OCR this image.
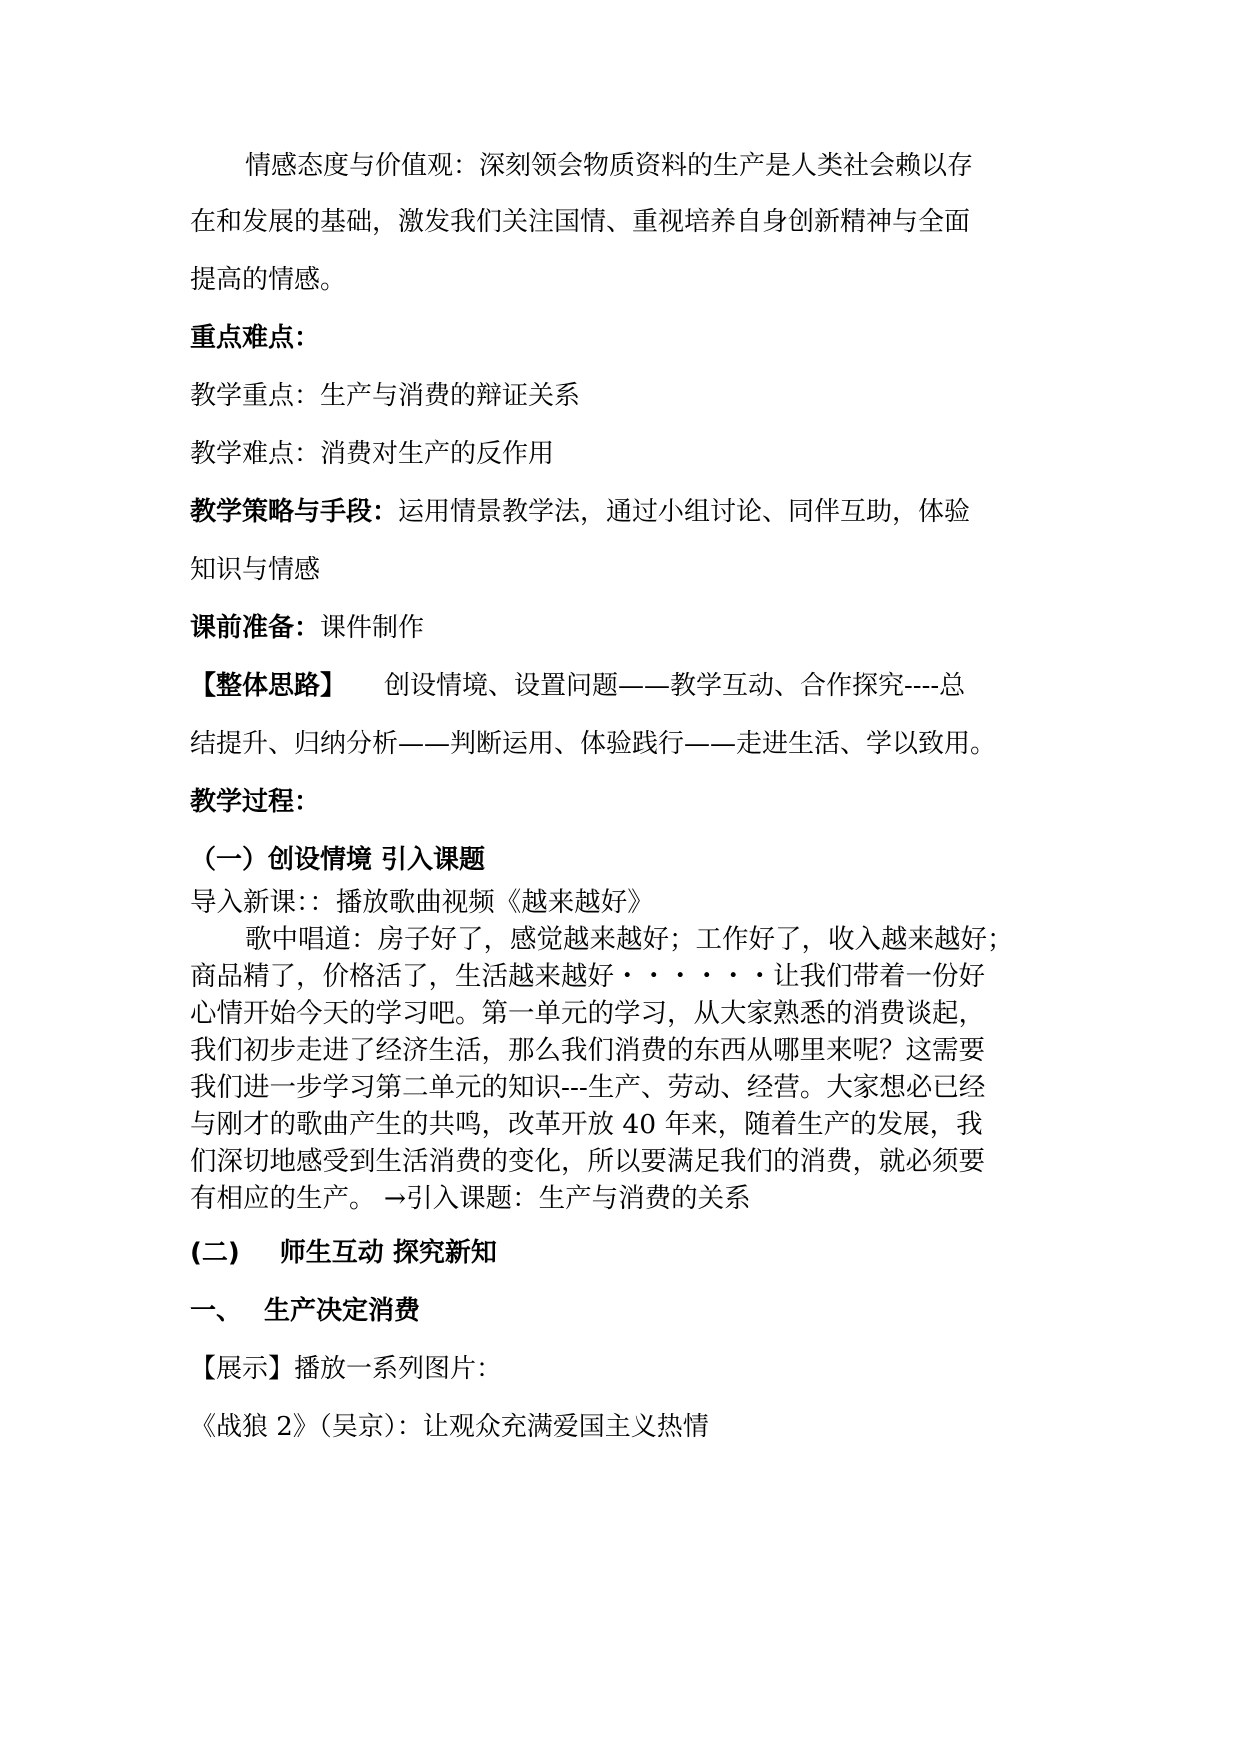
情感态度与价值观：深刻领会物质资料的生产是人类社会赖以存
在和发展的基础，激发我们关注国情、重视培养自身创新精神与全面
提高的情感。
重点难点：
教学重点：生产与消费的辩证关系
教学难点：消费对生产的反作用
教学策略与手段：运用情景教学法，通过小组讨论、同伴互助，体验
知识与情感
课前准备：课件制作
【整体思路】 创设情境、设置问题——教学互动、合作探究----总
结提升、归纳分析——判断运用、体验践行——走进生活、学以致用。
教学过程：
（一）创设情境 引入课题
导入新课：：播放歌曲视频《越来越好》
歌中唱道：房子好了，感觉越来越好；工作好了，收入越来越好；
商品精了，价格活了，生活越来越好・・・・・・让我们带着一份好
心情开始今天的学习吧。第一单元的学习，从大家熟悉的消费谈起，
我们初步走进了经济生活，那么我们消费的东西从哪里来呢？这需要
我们进一步学习第二单元的知识---生产、劳动、经营。大家想必已经
与刚才的歌曲产生的共鸣，改革开放 40 年来，随着生产的发展，我
们深切地感受到生活消费的变化，所以要满足我们的消费，就必须要
有相应的生产。 →引入课题：生产与消费的关系
(二) 师生互动 探究新知
一、 生产决定消费
【展示】播放一系列图片：
《战狼 2》（吴京）：让观众充满爱国主义热情
